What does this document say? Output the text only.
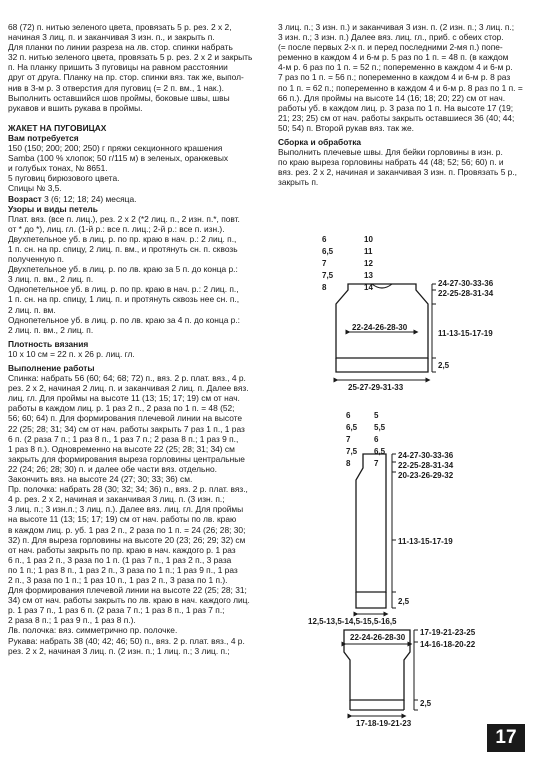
68 (72) п. нитью зеленого цвета, провязать 5 р. рез. 2 х 2,

начиная 3 лиц. п. и заканчивая 3 изн. п., и закрыть п.

Для планки по линии разреза на лв. стор. спинки набрать

32 п. нитью зеленого цвета, провязать 5 р. рез. 2 х 2 и закрыть

п. На планку пришить 3 пуговицы на равном расстоянии

друг от друга. Планку на пр. стор. спинки вяз. так же, выпол-

нив в 3-м р. 3 отверстия для пуговиц (= 2 п. вм., 1 нак.).

Выполнить оставшийся шов проймы, боковые швы, швы

рукавов и вшить рукава в проймы.

ЖАКЕТ НА ПУГОВИЦАХ

Вам потребуется

150 (150; 200; 200; 250) г пряжи секционного крашения

Samba (100 % хлопок; 50 г/115 м) в зеленых, оранжевых

и голубых тонах, № 8651.

5 пуговиц бирюзового цвета.

Спицы № 3,5.

Возраст 3 (6; 12; 18; 24) месяца.

Узоры и виды петель

Плат. вяз. (все п. лиц.), рез. 2 х 2 (*2 лиц. п., 2 изн. п.*, повт.

от * до *), лиц. гл. (1-й р.: все п. лиц.; 2-й р.: все п. изн.).

Двухпетельное уб. в лиц. р. по пр. краю в нач. р.: 2 лиц. п.,

1 п. сн. на пр. спицу, 2 лиц. п. вм., и протянуть сн. п. сквозь

полученную п.

Двухпетельное уб. в лиц. р. по лв. краю за 5 п. до конца р.:

3 лиц. п. вм., 2 лиц. п.

Однопетельное уб. в лиц. р. по пр. краю в нач. р.: 2 лиц. п.,

1 п. сн. на пр. спицу, 1 лиц. п. и протянуть сквозь нее сн. п.,

2 лиц. п. вм.

Однопетельное уб. в лиц. р. по лв. краю за 4 п. до конца р.:

2 лиц. п. вм., 2 лиц. п.

Плотность вязания

10 х 10 см = 22 п. х 26 р. лиц. гл.

Выполнение работы

Спинка: набрать 56 (60; 64; 68; 72) п., вяз. 2 р. плат. вяз., 4 р.

рез. 2 х 2, начиная 2 лиц. п. и заканчивая 2 лиц. п. Далее вяз.

лиц. гл. Для проймы на высоте 11 (13; 15; 17; 19) см от нач.

работы в каждом лиц. р. 1 раз 2 п., 2 раза по 1 п. = 48 (52;

56; 60; 64) п. Для формирования плечевой линии на высоте

22 (25; 28; 31; 34) см от нач. работы закрыть 7 раз 1 п., 1 раз

6 п. (2 раза 7 п.; 1 раз 8 п., 1 раз 7 п.; 2 раза 8 п.; 1 раз 9 п.,

1 раз 8 п.). Одновременно на высоте 22 (25; 28; 31; 34) см

закрыть для формирования выреза горловины центральные

22 (24; 26; 28; 30) п. и далее обе части вяз. отдельно.

Закончить вяз. на высоте 24 (27; 30; 33; 36) см.

Пр. полочка: набрать 28 (30; 32; 34; 36) п., вяз. 2 р. плат. вяз.,

4 р. рез. 2 х 2, начиная и заканчивая 3 лиц. п. (3 изн. п.;

3 лиц. п.; 3 изн.п.; 3 лиц. п.). Далее вяз. лиц. гл. Для проймы

на высоте 11 (13; 15; 17; 19) см от нач. работы по лв. краю

в каждом лиц. р. уб. 1 раз 2 п., 2 раза по 1 п. = 24 (26; 28; 30;

32) п. Для выреза горловины на высоте 20 (23; 26; 29; 32) см

от нач. работы закрыть по пр. краю в нач. каждого р. 1 раз

6 п., 1 раз 2 п., 3 раза по 1 п. (1 раз 7 п., 1 раз 2 п., 3 раза

по 1 п.; 1 раз 8 п., 1 раз 2 п., 3 раза по 1 п.; 1 раз 9 п., 1 раз

2 п., 3 раза по 1 п.; 1 раз 10 п., 1 раз 2 п., 3 раза по 1 п.).

Для формирования плечевой линии на высоте 22 (25; 28; 31;

34) см от нач. работы закрыть по лв. краю в нач. каждого лиц.

р. 1 раз 7 п., 1 раз 6 п. (2 раза 7 п.; 1 раз 8 п., 1 раз 7 п.;

2 раза 8 п.; 1 раз 9 п., 1 раз 8 п.).

Лв. полочка: вяз. симметрично пр. полочке.

Рукава: набрать 38 (40; 42; 46; 50) п., вяз. 2 р. плат. вяз., 4 р.

рез. 2 х 2, начиная 3 лиц. п. (2 изн. п.; 1 лиц. п.; 3 лиц. п.;

3 лиц. п.; 3 изн. п.) и заканчивая 3 изн. п. (2 изн. п.; 3 лиц. п.;

3 изн. п.; 3 изн. п.) Далее вяз. лиц. гл., приб. с обеих стор.

(= после первых 2-х п. и перед последними 2-мя п.) попе-

ременно в каждом 4 и 6-м р. 5 раз по 1 п. = 48 п. (в каждом

4-м р. 6 раз по 1 п. = 52 п.; попеременно в каждом 4 и 6-м р.

7 раз по 1 п. = 56 п.; попеременно в каждом 4 и 6-м р. 8 раз

по 1 п. = 62 п.; попеременно в каждом 4 и 6-м р. 8 раз по 1 п. =

66 п.). Для проймы на высоте 14 (16; 18; 20; 22) см от нач.

работы уб. в каждом лиц. р. 3 раза по 1 п. На высоте 17 (19;

21; 23; 25) см от нач. работы закрыть оставшиеся 36 (40; 44;

50; 54) п. Второй рукав вяз. так же.

Сборка и обработка

Выполнить плечевые швы. Для бейки горловины в изн. р.

по краю выреза горловины набрать 44 (48; 52; 56; 60) п. и

вяз. рез. 2 х 2, начиная и заканчивая 3 изн. п. Провязать 5 р.,

закрыть п.

6
6,5
7
7,5
8
10
11
12
13
14	24-27-30-33-36
22-25-28-31-34
22-24-26-28-30
11-13-15-17-19
2,5
25-27-29-31-33
6
6,5
7
7,5
8
5
5,5
6
6,5
7
24-27-30-33-36
22-25-28-31-34
20-23-26-29-32
11-13-15-17-19
2,5
12,5-13,5-14,5-15,5-16,5
22-24-26-28-30
17-19-21-23-25
14-16-18-20-22
2,5
17-18-19-21-23
17
